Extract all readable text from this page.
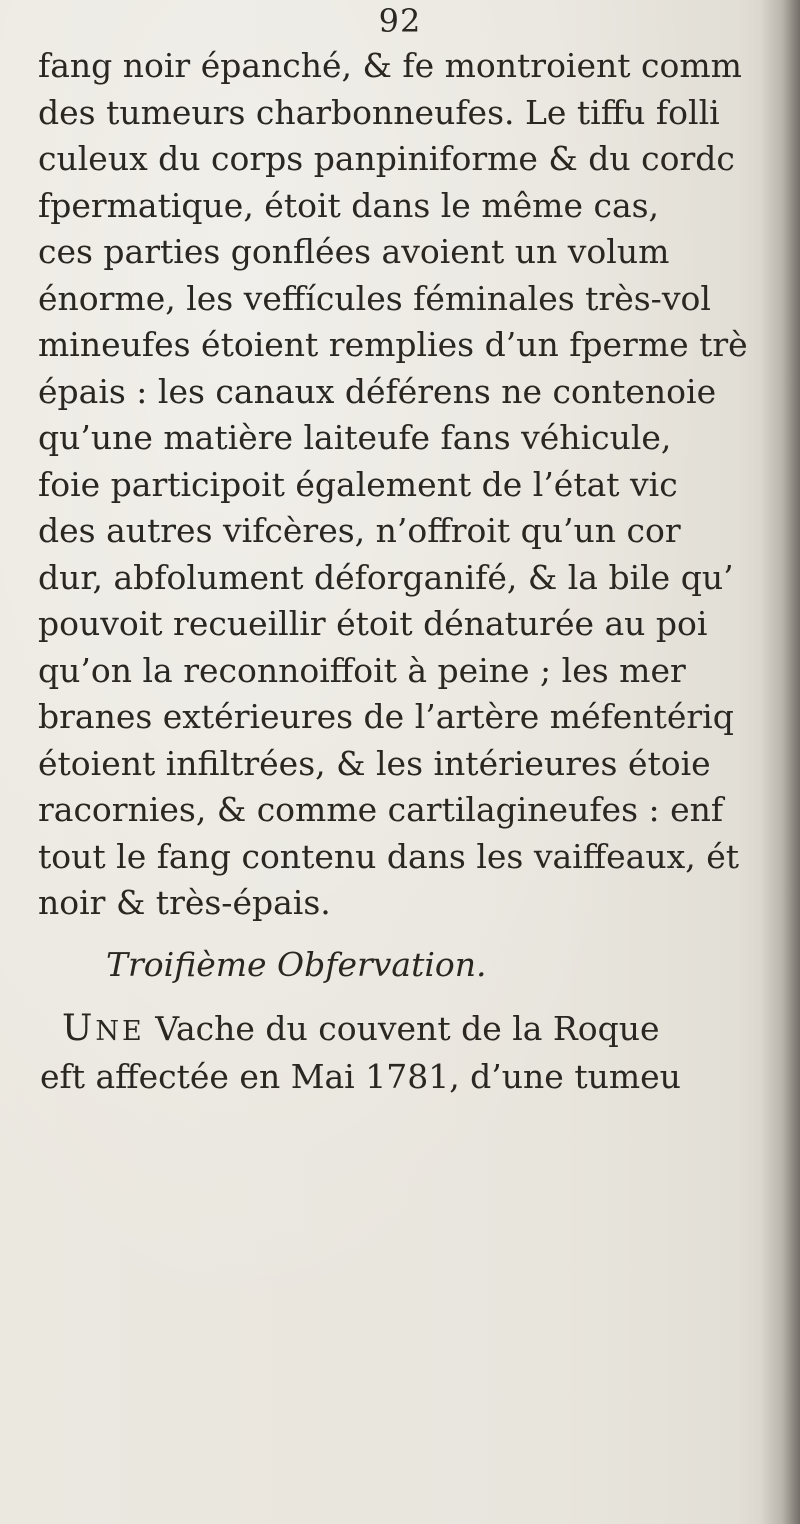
92
fang noir épanché, & fe montroient comm
des tumeurs charbonneufes. Le tiffu folli
culeux du corps panpiniforme & du cordc
fpermatique, étoit dans le même cas,
ces parties gonflées avoient un volum
énorme, les veffícules féminales très-vol
mineufes étoient remplies d’un fperme trè
épais : les canaux déférens ne contenoie
qu’une matière laiteufe fans véhicule,
foie participoit également de l’état vic
des autres vifcères, n’offroit qu’un cor
dur, abfolument déforganifé, & la bile qu’
pouvoit recueillir étoit dénaturée au poi
qu’on la reconnoiffoit à peine ; les mer
branes extérieures de l’artère méfentériq
étoient infiltrées, & les intérieures étoie
racornies, & comme cartilagineufes : enf
tout le fang contenu dans les vaiffeaux, ét
noir & très-épais.
Troifième Obfervation.
UNE Vache du couvent de la Roque
eft affectée en Mai 1781, d’une tumeu
